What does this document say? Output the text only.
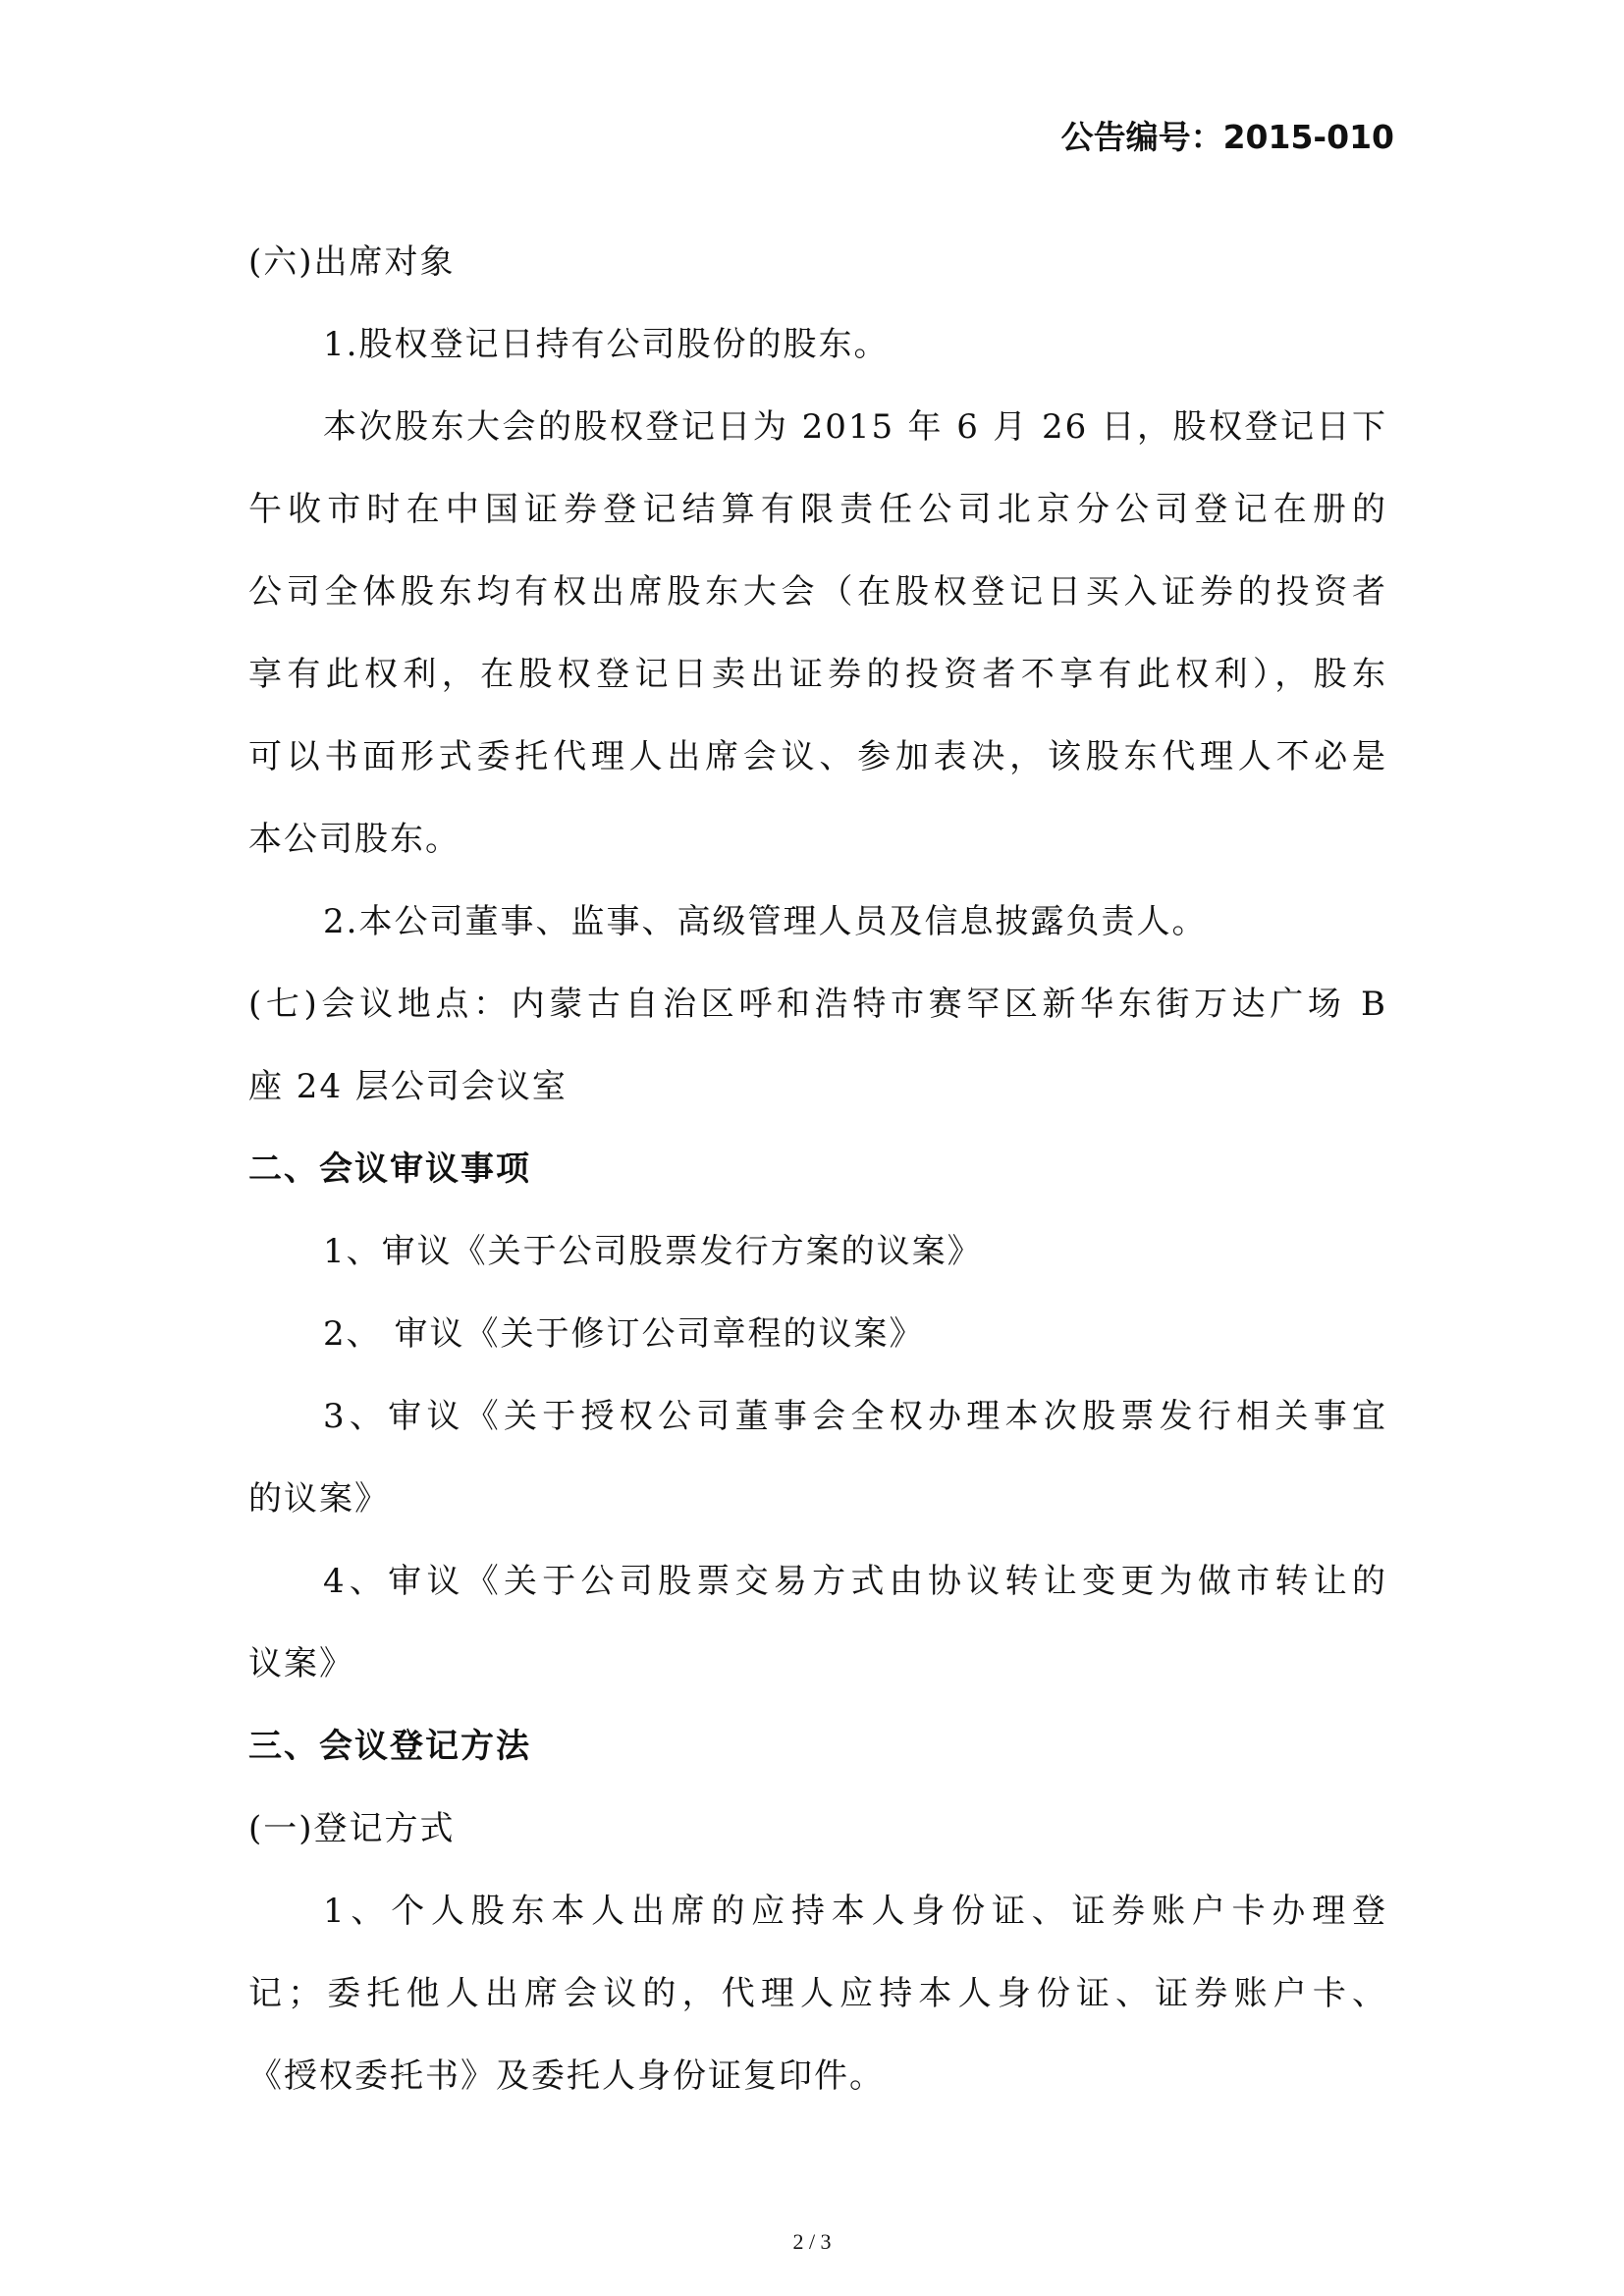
公告编号：2015-010
(六)出席对象
1.股权登记日持有公司股份的股东。
本次股东大会的股权登记日为 2015 年 6 月 26 日，股权登记日下
午收市时在中国证券登记结算有限责任公司北京分公司登记在册的
公司全体股东均有权出席股东大会（在股权登记日买入证券的投资者
享有此权利，在股权登记日卖出证券的投资者不享有此权利），股东
可以书面形式委托代理人出席会议、参加表决，该股东代理人不必是
本公司股东。
2.本公司董事、监事、高级管理人员及信息披露负责人。
(七)会议地点：内蒙古自治区呼和浩特市赛罕区新华东街万达广场 B
座 24 层公司会议室
二、会议审议事项
1、审议《关于公司股票发行方案的议案》
2、 审议《关于修订公司章程的议案》
3、审议《关于授权公司董事会全权办理本次股票发行相关事宜
的议案》
4、审议《关于公司股票交易方式由协议转让变更为做市转让的
议案》
三、会议登记方法
(一)登记方式
1、个人股东本人出席的应持本人身份证、证券账户卡办理登
记；委托他人出席会议的，代理人应持本人身份证、证券账户卡、
《授权委托书》及委托人身份证复印件。
2 / 3
